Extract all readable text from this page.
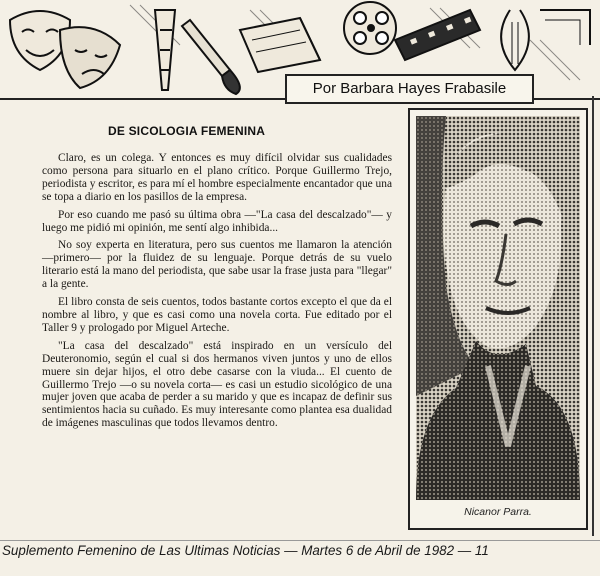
Por Barbara Hayes Frabasile
DE SICOLOGIA FEMENINA

Claro, es un colega. Y entonces es muy difícil olvidar sus cualidades como persona para situarlo en el plano crítico. Porque Guillermo Trejo, periodista y escritor, es para mí el hombre especialmente encantador que una se topa a diario en los pasillos de la empresa.

Por eso cuando me pasó su última obra —"La casa del descalzado"— y luego me pidió mi opinión, me sentí algo inhibida...

No soy experta en literatura, pero sus cuentos me llamaron la atención —primero— por la fluidez de su lenguaje. Porque detrás de su vuelo literario está la mano del periodista, que sabe usar la frase justa para "llegar" a la gente.

El libro consta de seis cuentos, todos bastante cortos excepto el que da el nombre al libro, y que es casi como una novela corta. Fue editado por el Taller 9 y prologado por Miguel Arteche.

"La casa del descalzado" está inspirado en un versículo del Deuteronomio, según el cual si dos hermanos viven juntos y uno de ellos muere sin dejar hijos, el otro debe casarse con la viuda... El cuento de Guillermo Trejo —o su novela corta— es casi un estudio sicológico de una mujer joven que acaba de perder a su marido y que es incapaz de definir sus sentimientos hacia su cuñado. Es muy interesante como plantea esa dualidad de imágenes masculinas que todos llevamos dentro.

Nicanor Parra.
Suplemento Femenino de Las Ultimas Noticias — Martes 6 de Abril de 1982 — 11
